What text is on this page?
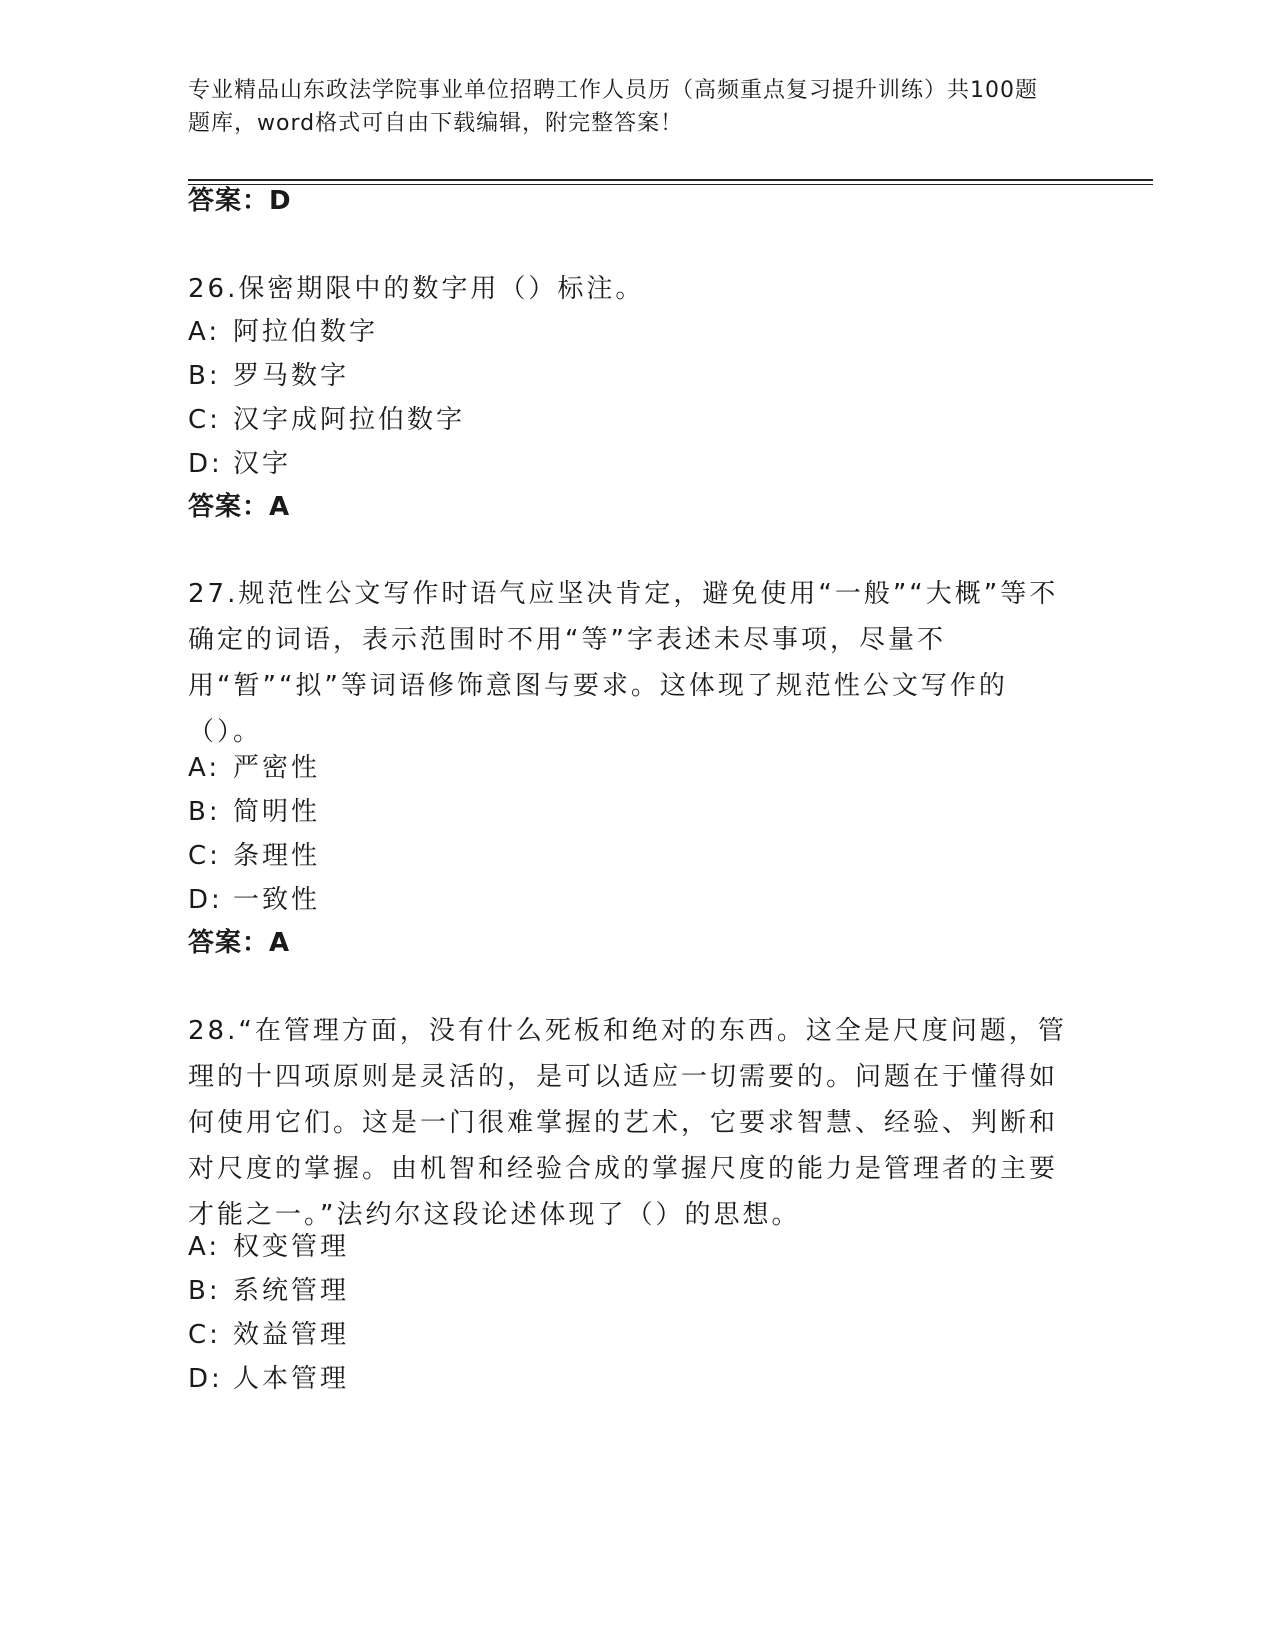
专业精品山东政法学院事业单位招聘工作人员历（高频重点复习提升训练）共100题　　　题库，word格式可自由下载编辑，附完整答案！
答案：D
26.保密期限中的数字用（）标注。
A: 阿拉伯数字
B: 罗马数字
C: 汉字成阿拉伯数字
D: 汉字
答案：A
27.规范性公文写作时语气应坚决肯定，避免使用“一般”“大概”等不确定的词语，表示范围时不用“等”字表述未尽事项，尽量不用“暂”“拟”等词语修饰意图与要求。这体现了规范性公文写作的（）。
A: 严密性
B: 简明性
C: 条理性
D: 一致性
答案：A
28.“在管理方面，没有什么死板和绝对的东西。这全是尺度问题，管理的十四项原则是灵活的，是可以适应一切需要的。问题在于懂得如何使用它们。这是一门很难掌握的艺术，它要求智慧、经验、判断和对尺度的掌握。由机智和经验合成的掌握尺度的能力是管理者的主要才能之一。”法约尔这段论述体现了（）的思想。
A: 权变管理
B: 系统管理
C: 效益管理
D: 人本管理
